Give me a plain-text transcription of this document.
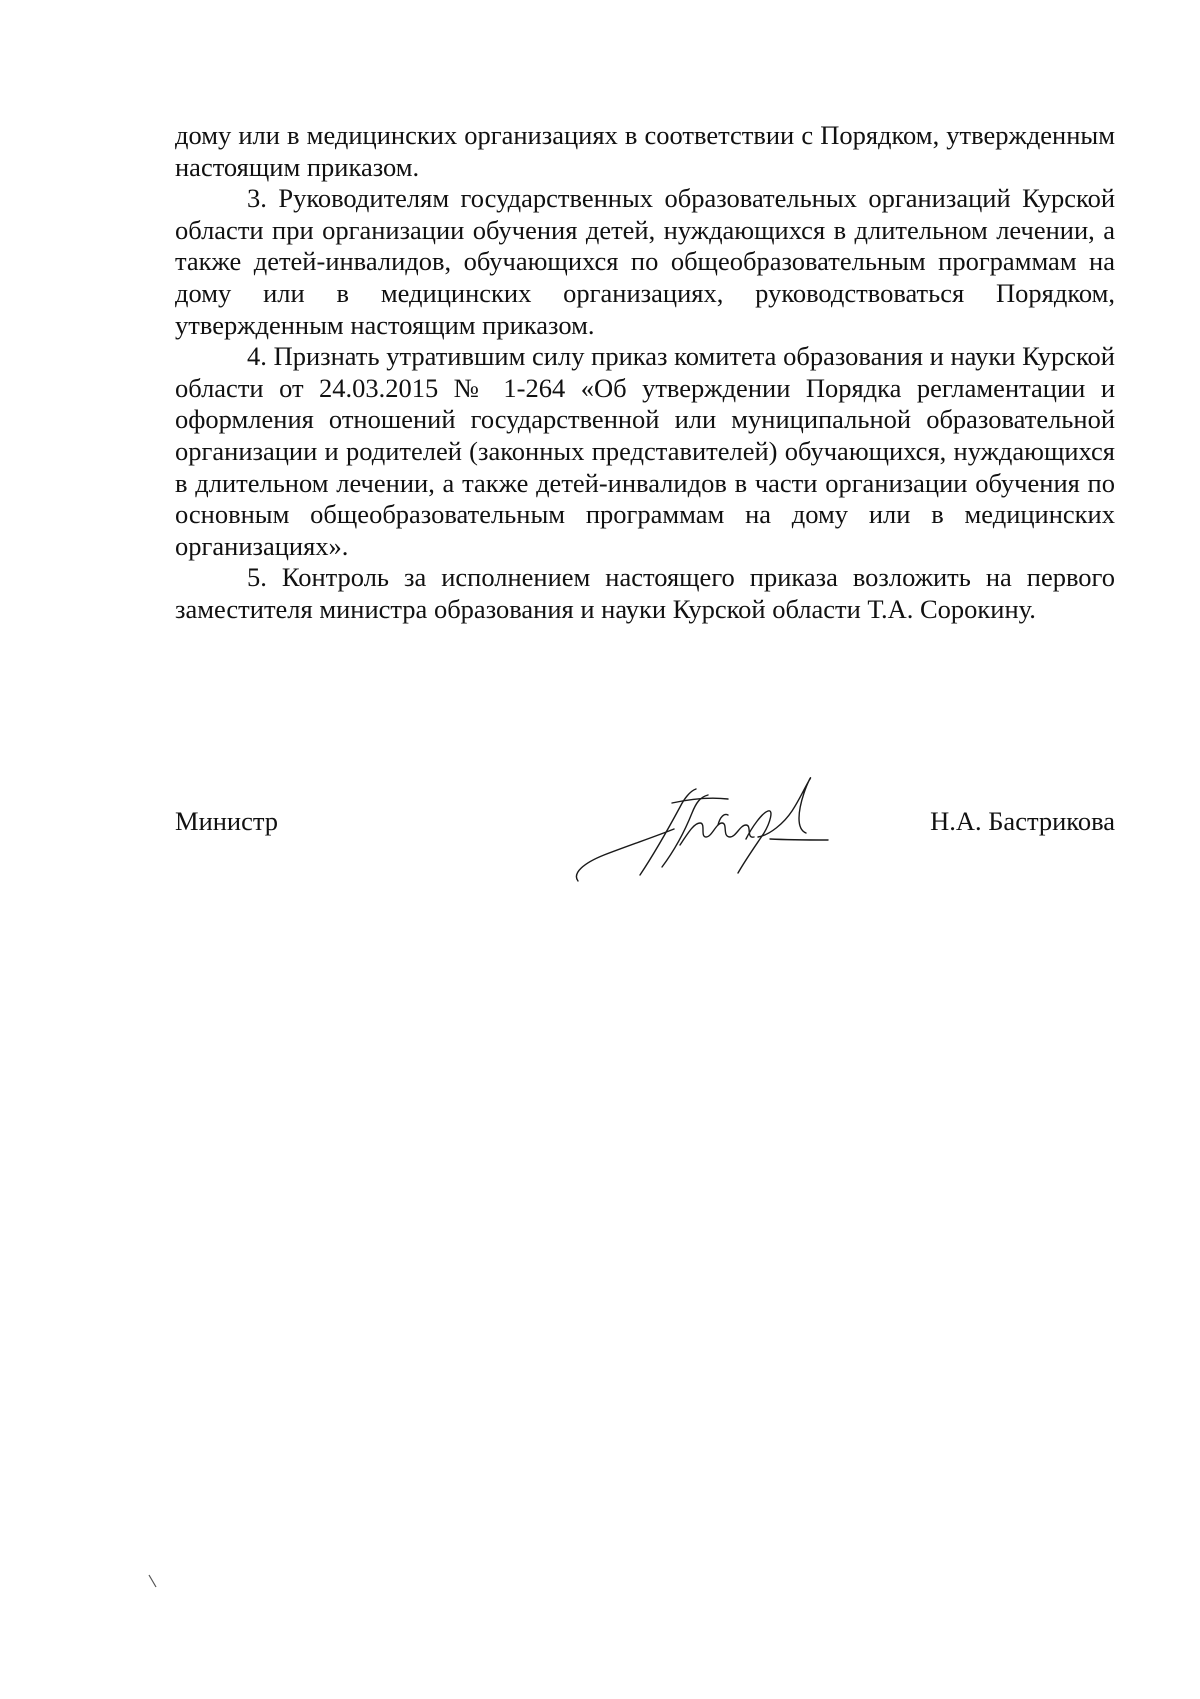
дому или в медицинских организациях в соответствии с Порядком, утвержденным настоящим приказом.

3. Руководителям государственных образовательных организаций Курской области при организации обучения детей, нуждающихся в длительном лечении, а также детей-инвалидов, обучающихся по общеобразовательным программам на дому или в медицинских организациях, руководствоваться Порядком, утвержденным настоящим приказом.

4. Признать утратившим силу приказ комитета образования и науки Курской области от 24.03.2015 № 1-264 «Об утверждении Порядка регламентации и оформления отношений государственной или муниципальной образовательной организации и родителей (законных представителей) обучающихся, нуждающихся в длительном лечении, а также детей-инвалидов в части организации обучения по основным общеобразовательным программам на дому или в медицинских организациях».

5. Контроль за исполнением настоящего приказа возложить на первого заместителя министра образования и науки Курской области Т.А. Сорокину.

Министр	Н.А. Бастрикова
